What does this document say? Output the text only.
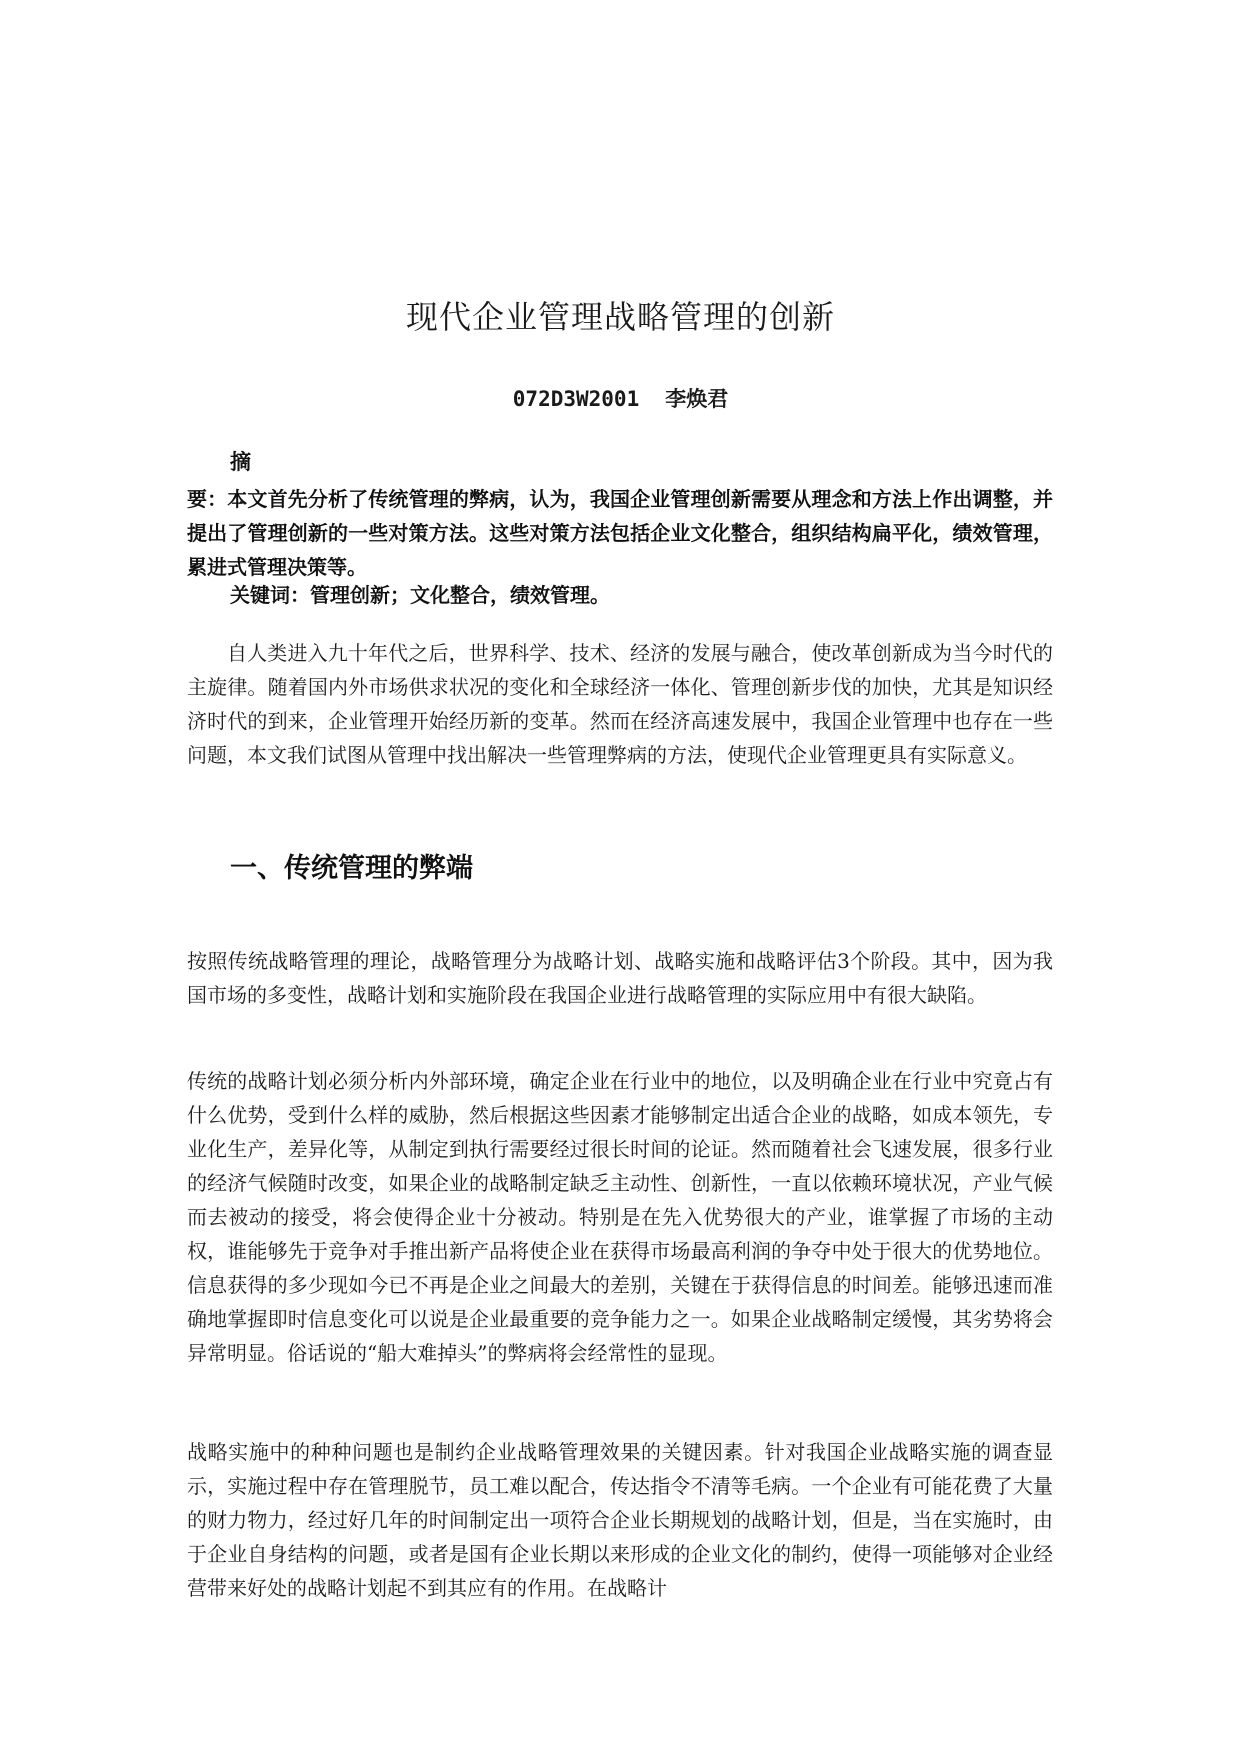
现代企业管理战略管理的创新
072D3W2001 李焕君
摘
要：本文首先分析了传统管理的弊病，认为，我国企业管理创新需要从理念和方法上作出调整，并提出了管理创新的一些对策方法。这些对策方法包括企业文化整合，组织结构扁平化，绩效管理，累进式管理决策等。
关键词：管理创新；文化整合，绩效管理。
自人类进入九十年代之后，世界科学、技术、经济的发展与融合，使改革创新成为当今时代的主旋律。随着国内外市场供求状况的变化和全球经济一体化、管理创新步伐的加快，尤其是知识经济时代的到来，企业管理开始经历新的变革。然而在经济高速发展中，我国企业管理中也存在一些问题，本文我们试图从管理中找出解决一些管理弊病的方法，使现代企业管理更具有实际意义。
一、传统管理的弊端
按照传统战略管理的理论，战略管理分为战略计划、战略实施和战略评估3个阶段。其中，因为我国市场的多变性，战略计划和实施阶段在我国企业进行战略管理的实际应用中有很大缺陷。
传统的战略计划必须分析内外部环境，确定企业在行业中的地位，以及明确企业在行业中究竟占有什么优势，受到什么样的威胁，然后根据这些因素才能够制定出适合企业的战略，如成本领先，专业化生产，差异化等，从制定到执行需要经过很长时间的论证。然而随着社会飞速发展，很多行业的经济气候随时改变，如果企业的战略制定缺乏主动性、创新性，一直以依赖环境状况，产业气候而去被动的接受，将会使得企业十分被动。特别是在先入优势很大的产业，谁掌握了市场的主动权，谁能够先于竞争对手推出新产品将使企业在获得市场最高利润的争夺中处于很大的优势地位。信息获得的多少现如今已不再是企业之间最大的差别，关键在于获得信息的时间差。能够迅速而准确地掌握即时信息变化可以说是企业最重要的竞争能力之一。如果企业战略制定缓慢，其劣势将会异常明显。俗话说的“船大难掉头”的弊病将会经常性的显现。
战略实施中的种种问题也是制约企业战略管理效果的关键因素。针对我国企业战略实施的调查显示，实施过程中存在管理脱节，员工难以配合，传达指令不清等毛病。一个企业有可能花费了大量的财力物力，经过好几年的时间制定出一项符合企业长期规划的战略计划，但是，当在实施时，由于企业自身结构的问题，或者是国有企业长期以来形成的企业文化的制约，使得一项能够对企业经营带来好处的战略计划起不到其应有的作用。在战略计
